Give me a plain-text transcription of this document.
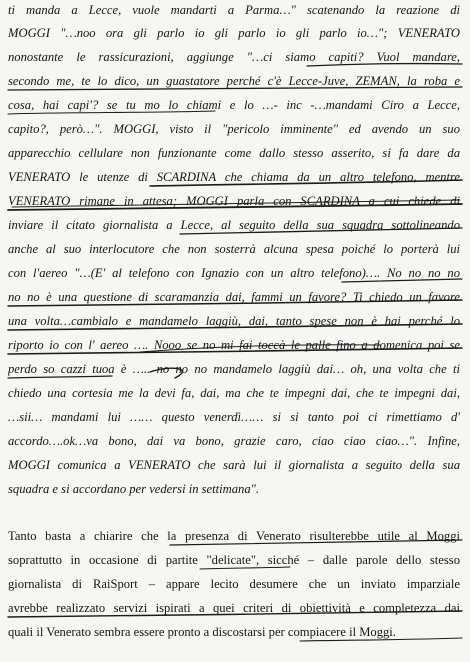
ti manda a Lecce, vuole mandarti a Parma…" scatenando la reazione di
MOGGI "…noo ora gli parlo io gli parlo io gli parlo io…"; VENERATO
nonostante le rassicurazioni, aggiunge "…ci siamo capiti? Vuol mandare,
secondo me, te lo dico, un guastatore perché c'è Lecce-Juve, ZEMAN, la roba e
cosa, hai capi'? se tu mo lo chiami e lo …- inc -…mandami Ciro a Lecce,
capito?, però…". MOGGI, visto il "pericolo imminente" ed avendo un suo
apparecchio cellulare non funzionante come dallo stesso asserito, si fa dare da
VENERATO le utenze di SCARDINA che chiama da un altro telefono, mentre
VENERATO rimane in attesa; MOGGI parla con SCARDINA a cui chiede di
inviare il citato giornalista a Lecce, al seguito della sua squadra sottolineando
anche al suo interlocutore che non sosterrà alcuna spesa poiché lo porterà lui
con l'aereo "…(E' al telefono con Ignazio con un altro telefono)…. No no no no
no no è una questione di scaramanzia dai, fammi un favore? Ti chiedo un favore
una volta…cambialo e mandamelo laggiù, dai, tanto spese non è hai perché lo
riporto io con l' aereo …. Nooo se no mi fai toccà le palle fino a domenica poi se
perdo so cazzi tuoa è ….. no no no mandamelo laggiù dai… oh, una volta che ti
chiedo una cortesia me la devi fa, dai, ma che te impegni dai, che te impegni dai,
…sii… mandami lui …… questo venerdì…… si si tanto poi ci rimettiamo d'
accordo….ok…va bono, dai va bono, grazie caro, ciao ciao ciao…". Infine,
MOGGI comunica a VENERATO che sarà lui il giornalista a seguito della sua
squadra e si accordano per vedersi in settimana".
Tanto basta a chiarire che la presenza di Venerato risulterebbe utile al Moggi
soprattutto in occasione di partite "delicate", sicché – dalle parole dello stesso
giornalista di RaiSport – appare lecito desumere che un inviato imparziale
avrebbe realizzato servizi ispirati a quei criteri di obiettività e completezza dai
quali il Venerato sembra essere pronto a discostarsi per compiacere il Moggi.
